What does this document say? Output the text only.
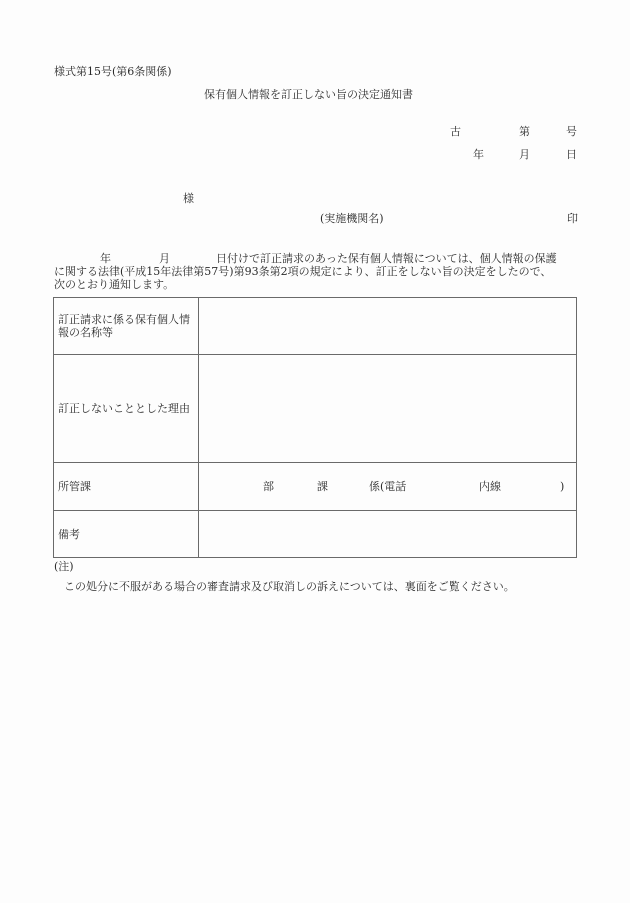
様式第15号(第6条関係)
保有個人情報を訂正しない旨の決定通知書
古	第	号
年	月	日
様
(実施機関名)	印
年	月	日付けで訂正請求のあった保有個人情報については、個人情報の保護
に関する法律(平成15年法律第57号)第93条第2項の規定により、訂正をしない旨の決定をしたので、
次のとおり通知します。
訂正請求に係る保有個人情報の名称等	
訂正しないこととした理由	
所管課	部 課 係(電話 内線 )

備考	
(注)
この処分に不服がある場合の審査請求及び取消しの訴えについては、裏面をご覧ください。
